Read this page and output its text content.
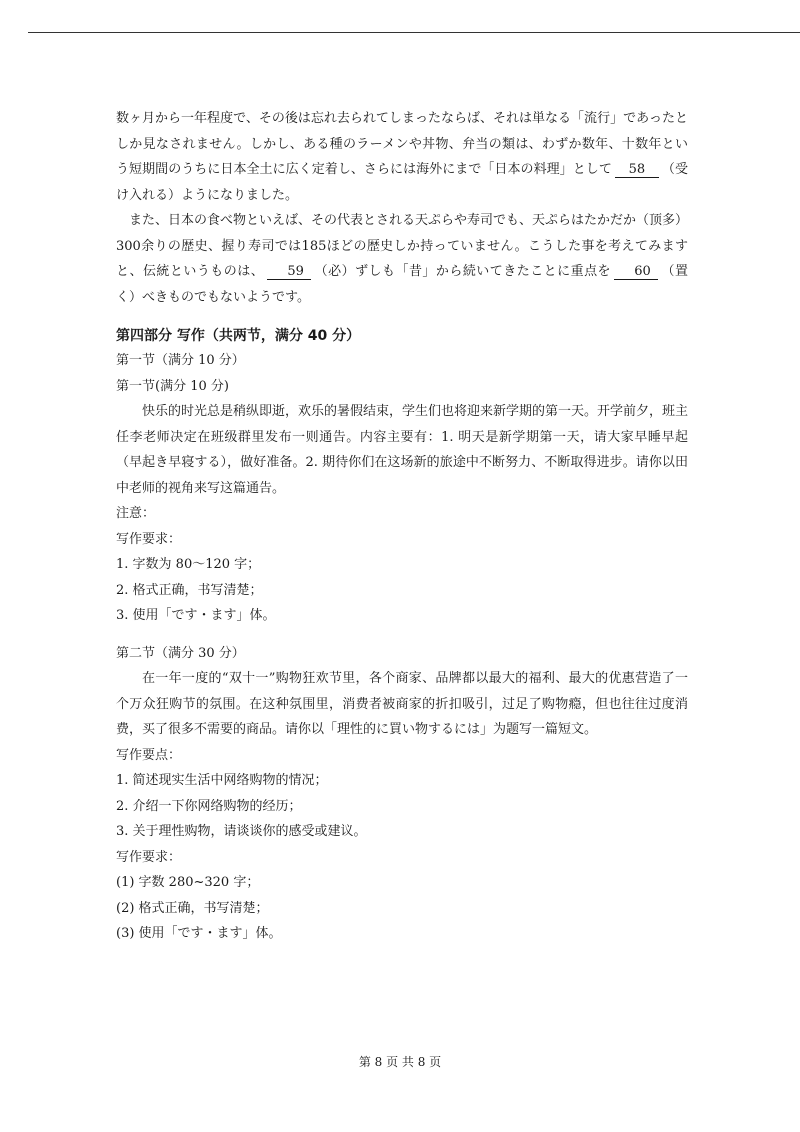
数ヶ月から一年程度で、その後は忘れ去られてしまったならば、それは単なる「流行」であったとしか見なされません。しかし、ある種のラーメンや丼物、弁当の類は、わずか数年、十数年という短期間のうちに日本全土に広く定着し、さらには海外にまで「日本の料理」として 58 （受け入れる）ようになりました。

また、日本の食べ物といえば、その代表とされる天ぷらや寿司でも、天ぷらはたかだか（顶多）300余りの歴史、握り寿司では185ほどの歴史しか持っていません。こうした事を考えてみますと、伝統というものは、 59 （必）ずしも「昔」から続いてきたことに重点を 60 （置く）べきものでもないようです。

第四部分 写作（共两节，满分 40 分）

第一节（满分 10 分）

第一节(满分 10 分)

快乐的时光总是稍纵即逝，欢乐的暑假结束，学生们也将迎来新学期的第一天。开学前夕，班主任李老师决定在班级群里发布一则通告。内容主要有：1. 明天是新学期第一天，请大家早睡早起（早起き早寝する），做好准备。2. 期待你们在这场新的旅途中不断努力、不断取得进步。请你以田中老师的视角来写这篇通告。

注意：

写作要求：

1. 字数为 80～120 字；

2. 格式正确，书写清楚；

3. 使用「です・ます」体。

第二节（满分 30 分）

在一年一度的“双十一”购物狂欢节里，各个商家、品牌都以最大的福利、最大的优惠营造了一个万众狂购节的氛围。在这种氛围里，消费者被商家的折扣吸引，过足了购物瘾，但也往往过度消费，买了很多不需要的商品。请你以「理性的に買い物するには」为题写一篇短文。

写作要点：

1. 简述现实生活中网络购物的情况；

2. 介绍一下你网络购物的经历；

3. 关于理性购物，请谈谈你的感受或建议。

写作要求：

(1) 字数 280~320 字；

(2) 格式正确，书写清楚；

(3) 使用「です・ます」体。

第 8 页 共 8 页
